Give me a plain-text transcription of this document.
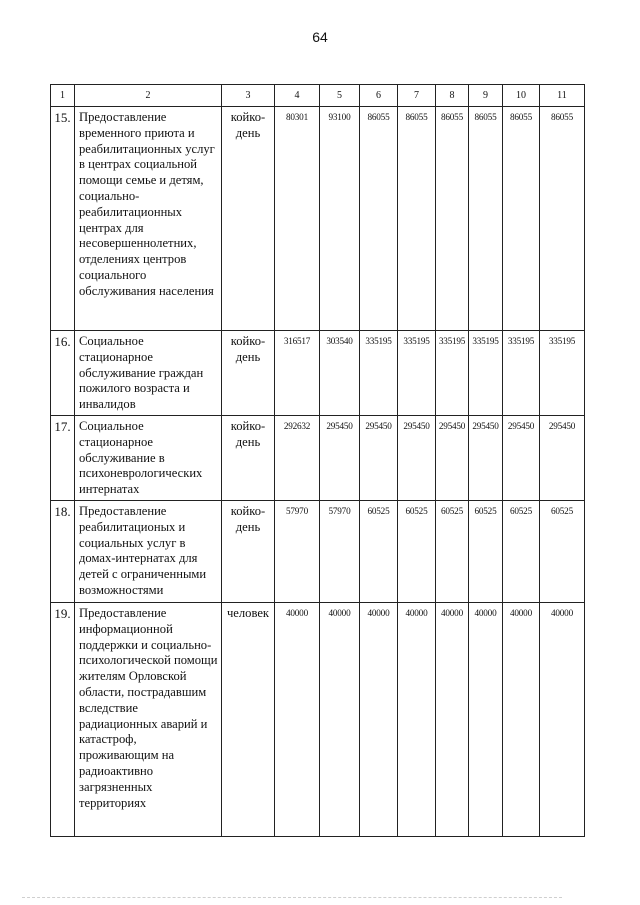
64
1	2	3	4	5	6	7	8	9	10	11
15.	Предоставление временного приюта и реабилитационных услуг в центрах социальной помощи семье и детям, социально-реабилитационных центрах для несовершеннолетних, отделениях центров социального обслуживания населения	койко-день	80301	93100	86055	86055	86055	86055	86055	86055
16.	Социальное стационарное обслуживание граждан пожилого возраста и инвалидов	койко-день	316517	303540	335195	335195	335195	335195	335195	335195
17.	Социальное стационарное обслуживание в психоневрологических интернатах	койко-день	292632	295450	295450	295450	295450	295450	295450	295450
18.	Предоставление реабилитационых и социальных услуг в домах-интернатах для детей с ограниченными возможностями	койко-день	57970	57970	60525	60525	60525	60525	60525	60525
19.	Предоставление информационной поддержки и социально-психологической помощи жителям Орловской области, пострадавшим вследствие радиационных аварий и катастроф, проживающим на радиоактивно загрязненных территориях	человек	40000	40000	40000	40000	40000	40000	40000	40000
